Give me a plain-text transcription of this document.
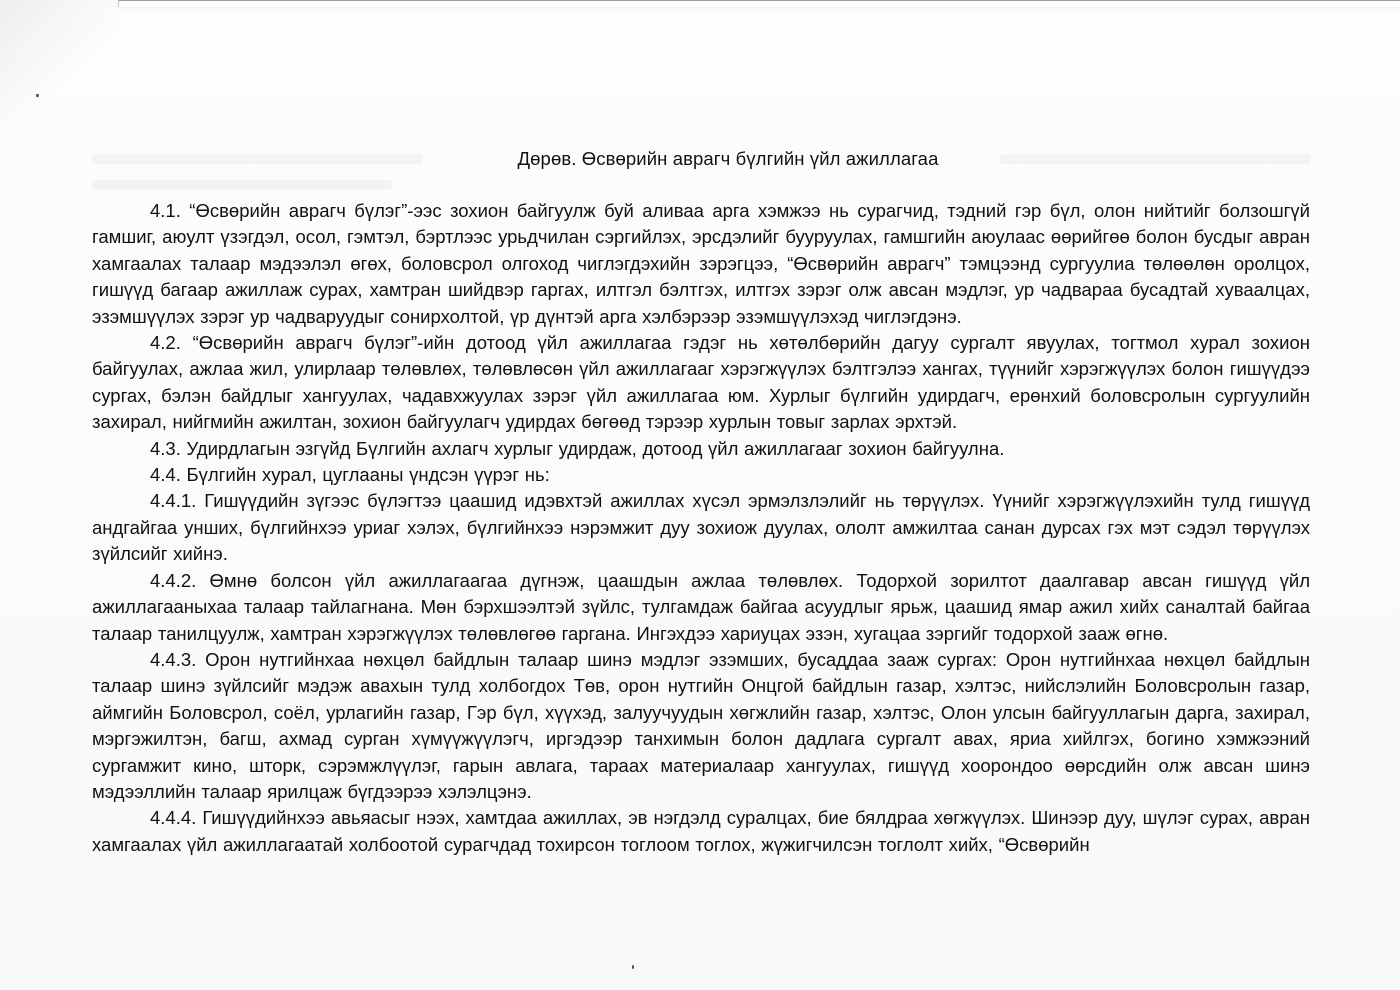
Дөрөв. Өсвөрийн аврагч бүлгийн үйл ажиллагаа

4.1. “Өсвөрийн аврагч бүлэг”-ээс зохион байгуулж буй аливаа арга хэмжээ нь сурагчид, тэдний гэр бүл, олон нийтийг болзошгүй гамшиг, аюулт үзэгдэл, осол, гэмтэл, бэртлээс урьдчилан сэргийлэх, эрсдэлийг бууруулах, гамшгийн аюулаас өөрийгөө болон бусдыг авран хамгаалах талаар мэдээлэл өгөх, боловсрол олгоход чиглэгдэхийн зэрэгцээ, “Өсвөрийн аврагч” тэмцээнд сургуулиа төлөөлөн оролцох, гишүүд багаар ажиллаж сурах, хамтран шийдвэр гаргах, илтгэл бэлтгэх, илтгэх зэрэг олж авсан мэдлэг, ур чадвараа бусадтай хуваалцах, эзэмшүүлэх зэрэг ур чадваруудыг сонирхолтой, үр дүнтэй арга хэлбэрээр эзэмшүүлэхэд чиглэгдэнэ.

4.2. “Өсвөрийн аврагч бүлэг”-ийн дотоод үйл ажиллагаа гэдэг нь хөтөлбөрийн дагуу сургалт явуулах, тогтмол хурал зохион байгуулах, ажлаа жил, улирлаар төлөвлөх, төлөвлөсөн үйл ажиллагааг хэрэгжүүлэх бэлтгэлээ хангах, түүнийг хэрэгжүүлэх болон гишүүдээ сургах, бэлэн байдлыг хангуулах, чадавхжуулах зэрэг үйл ажиллагаа юм. Хурлыг бүлгийн удирдагч, ерөнхий боловсролын сургуулийн захирал, нийгмийн ажилтан, зохион байгуулагч удирдах бөгөөд тэрээр хурлын товыг зарлах эрхтэй.

4.3. Удирдлагын эзгүйд Бүлгийн ахлагч хурлыг удирдаж, дотоод үйл ажиллагааг зохион байгуулна.

4.4. Бүлгийн хурал, цуглааны үндсэн үүрэг нь:

4.4.1. Гишүүдийн зүгээс бүлэгтээ цаашид идэвхтэй ажиллах хүсэл эрмэлзлэлийг нь төрүүлэх. Үүнийг хэрэгжүүлэхийн тулд гишүүд андгайгаа унших, бүлгийнхээ уриаг хэлэх, бүлгийнхээ нэрэмжит дуу зохиож дуулах, ололт амжилтаа санан дурсах гэх мэт сэдэл төрүүлэх зүйлсийг хийнэ.

4.4.2. Өмнө болсон үйл ажиллагаагаа дүгнэж, цаашдын ажлаа төлөвлөх. Тодорхой зорилтот даалгавар авсан гишүүд үйл ажиллагааныхаа талаар тайлагнана. Мөн бэрхшээлтэй зүйлс, тулгамдаж байгаа асуудлыг ярьж, цаашид ямар ажил хийх саналтай байгаа талаар танилцуулж, хамтран хэрэгжүүлэх төлөвлөгөө гаргана. Ингэхдээ хариуцах эзэн, хугацаа зэргийг тодорхой зааж өгнө.

4.4.3. Орон нутгийнхаа нөхцөл байдлын талаар шинэ мэдлэг эзэмших, бусаддаа зааж сургах: Орон нутгийнхаа нөхцөл байдлын талаар шинэ зүйлсийг мэдэж авахын тулд холбогдох Төв, орон нутгийн Онцгой байдлын газар, хэлтэс, нийслэлийн Боловсролын газар, аймгийн Боловсрол, соёл, урлагийн газар, Гэр бүл, хүүхэд, залуучуудын хөгжлийн газар, хэлтэс, Олон улсын байгууллагын дарга, захирал, мэргэжилтэн, багш, ахмад сурган хүмүүжүүлэгч, иргэдээр танхимын болон дадлага сургалт авах, яриа хийлгэх, богино хэмжээний сургамжит кино, шторк, сэрэмжлүүлэг, гарын авлага, тараах материалаар хангуулах, гишүүд хоорондоо өөрсдийн олж авсан шинэ мэдээллийн талаар ярилцаж бүгдээрээ хэлэлцэнэ.

4.4.4. Гишүүдийнхээ авьяасыг нээх, хамтдаа ажиллах, эв нэгдэлд суралцах, бие бялдраа хөгжүүлэх. Шинээр дуу, шүлэг сурах, авран хамгаалах үйл ажиллагаатай холбоотой сурагчдад тохирсон тоглоом тоглох, жүжигчилсэн тоглолт хийх, “Өсвөрийн
